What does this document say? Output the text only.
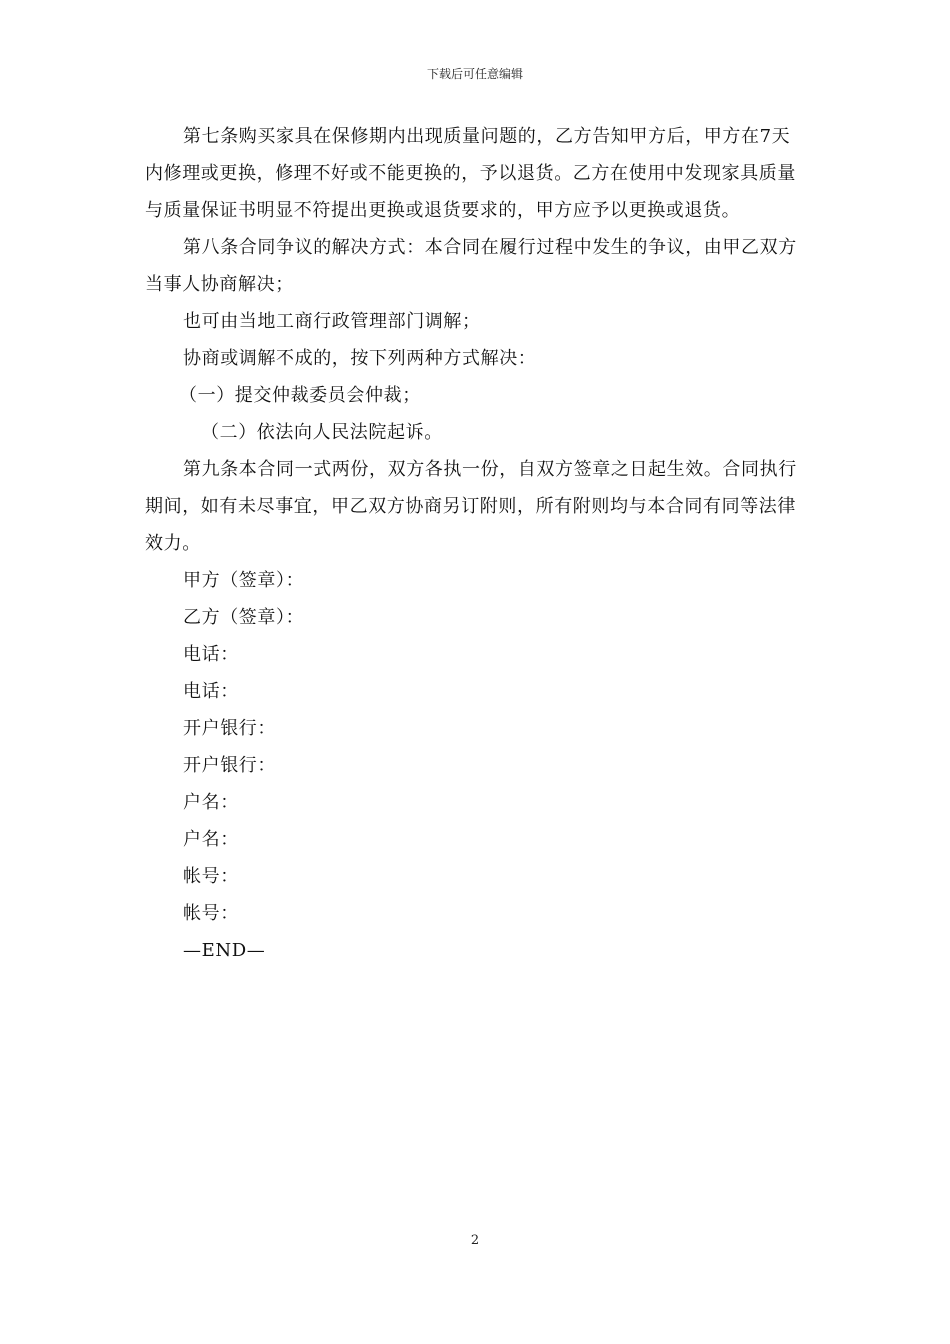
下载后可任意编辑

第七条购买家具在保修期内出现质量问题的，乙方告知甲方后，甲方在7天内修理或更换，修理不好或不能更换的，予以退货。乙方在使用中发现家具质量与质量保证书明显不符提出更换或退货要求的，甲方应予以更换或退货。

第八条合同争议的解决方式：本合同在履行过程中发生的争议，由甲乙双方当事人协商解决；

也可由当地工商行政管理部门调解；

协商或调解不成的，按下列两种方式解决：

（一）提交仲裁委员会仲裁；

（二）依法向人民法院起诉。

第九条本合同一式两份，双方各执一份，自双方签章之日起生效。合同执行期间，如有未尽事宜，甲乙双方协商另订附则，所有附则均与本合同有同等法律效力。

甲方（签章）：

乙方（签章）：

电话：

电话：

开户银行：

开户银行：

户名：

户名：

帐号：

帐号：

—END—

2
